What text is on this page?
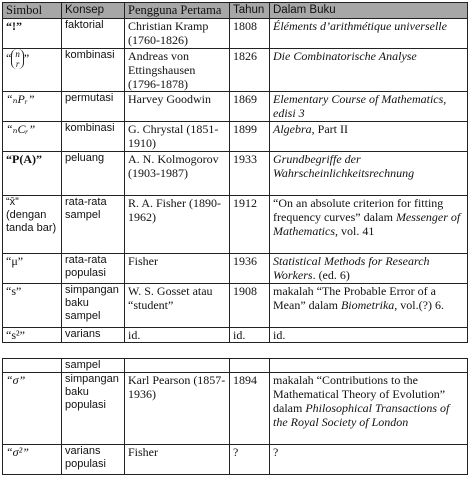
Simbol	Konsep	Pengguna Pertama	Tahun	Dalam Buku
“!”	faktorial	Christian Kramp (1760-1826)	1808	Éléments d’arithmétique universelle
“ n
r ”	kombinasi	Andreas von Ettingshausen (1796-1878)	1826	Die Combinatorische Analyse
“ₙPᵣ”	permutasi	Harvey Goodwin	1869	Elementary Course of Mathematics, edisi 3
“ₙCᵣ”	kombinasi	G. Chrystal (1851-1910)	1899	Algebra, Part II
“P(A)”	peluang	A. N. Kolmogorov (1903-1987)	1933	Grundbegriffe der Wahrscheinlichkeitsrechnung
“x̄” (dengan tanda bar)	rata-rata sampel	R. A. Fisher (1890-1962)	1912	“On an absolute criterion for fitting frequency curves” dalam Messenger of Mathematics, vol. 41
“μ”	rata-rata populasi	Fisher	1936	Statistical Methods for Research Workers. (ed. 6)
“s”	simpangan baku sampel	W. S. Gosset atau “student”	1908	makalah “The Probable Error of a Mean” dalam Biometrika, vol.(?) 6.
“s²”	varians	id.	id.	id.
	sampel			
“σ”	simpangan baku populasi	Karl Pearson (1857-1936)	1894	makalah “Contributions to the Mathematical Theory of Evolution” dalam Philosophical Transactions of the Royal Society of London
“σ²”	varians populasi	Fisher	?	?
